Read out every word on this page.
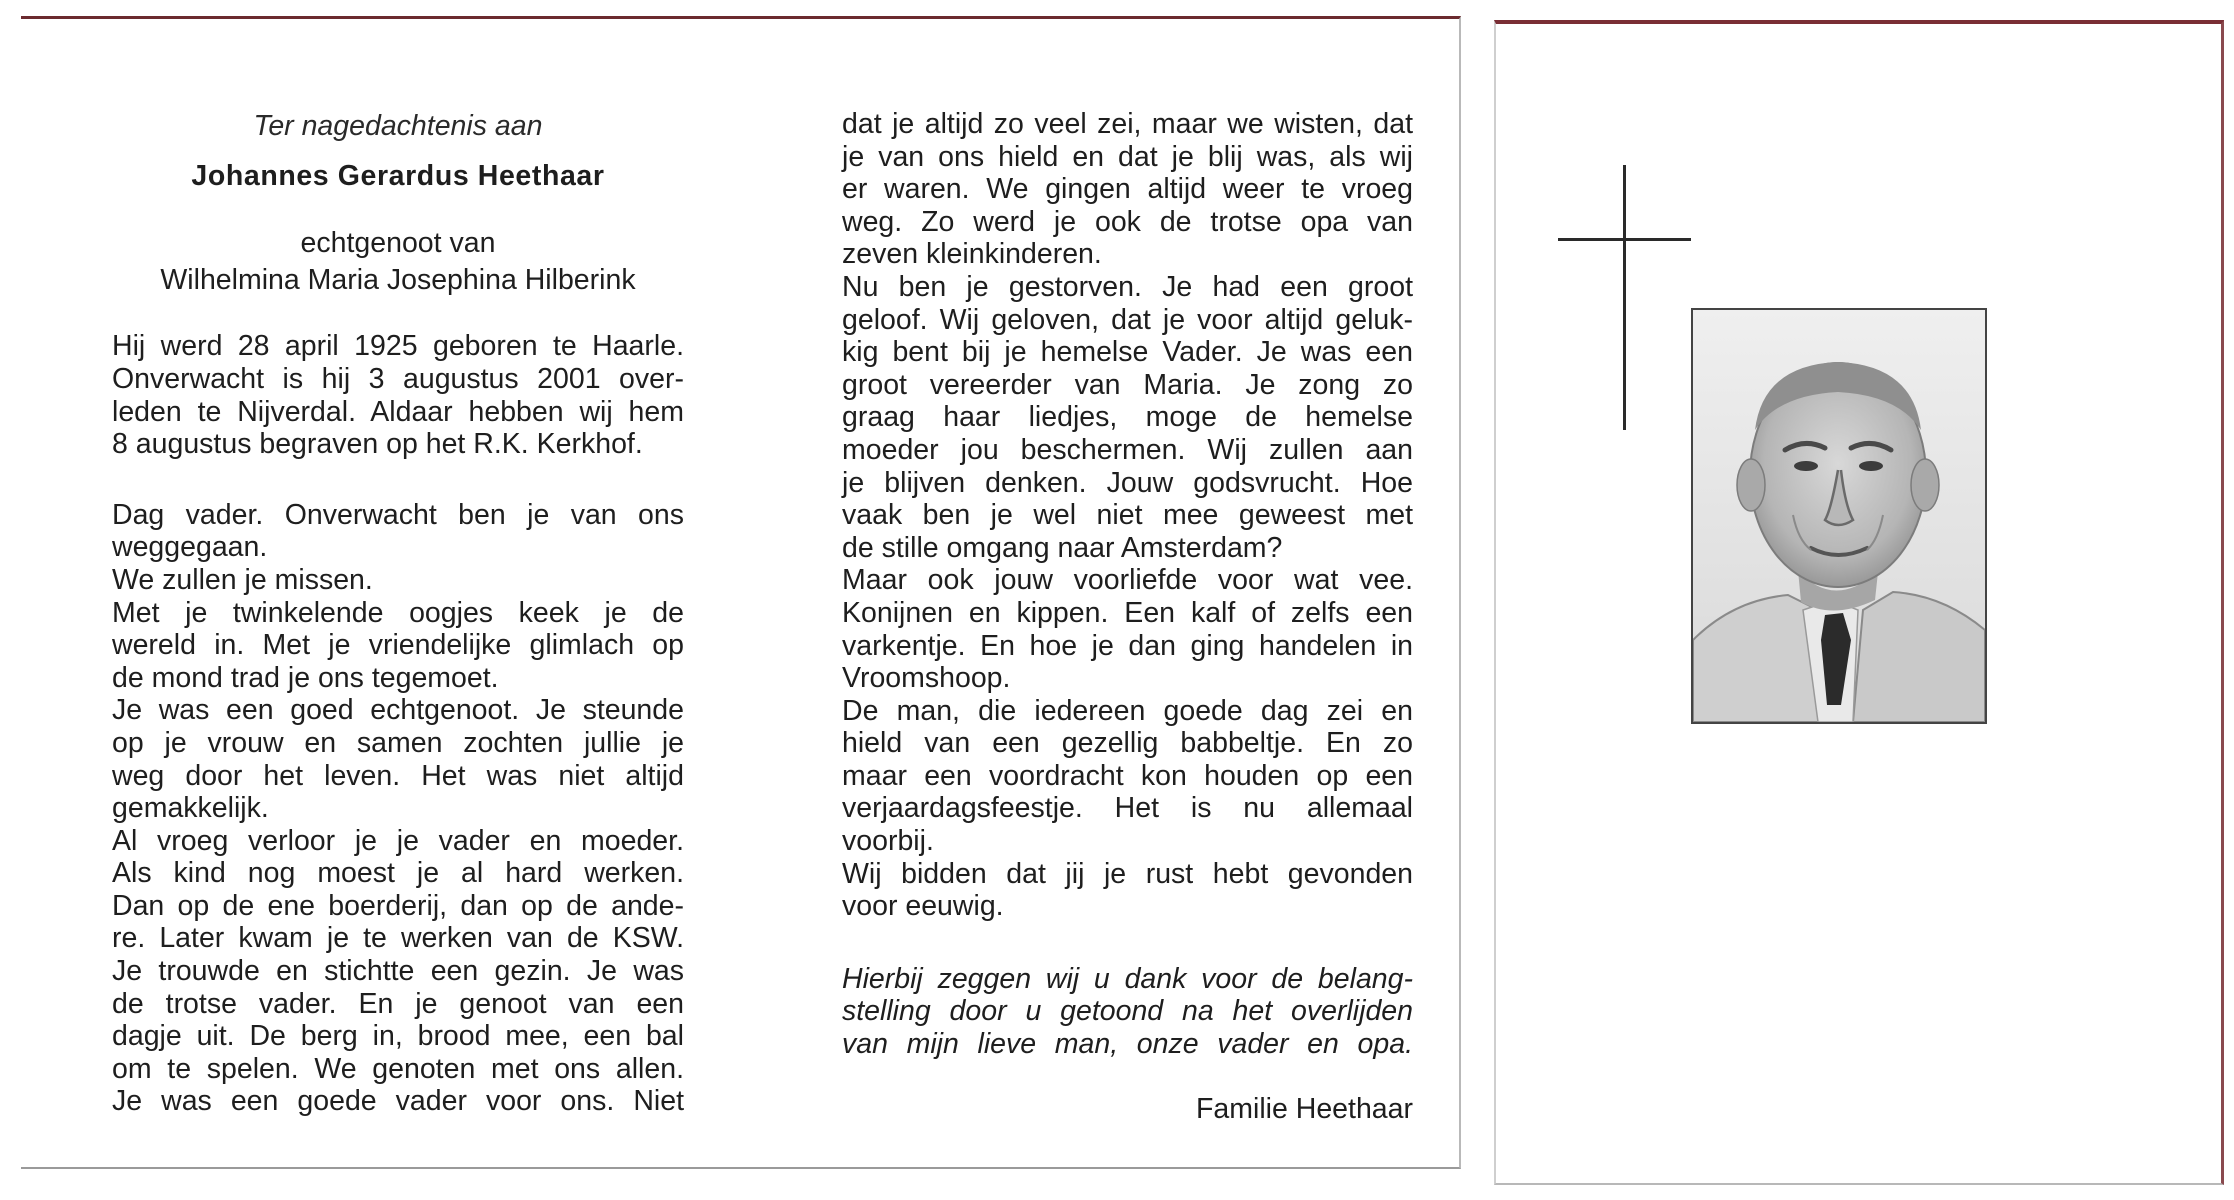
Ter nagedachtenis aan
Johannes Gerardus Heethaar
echtgenoot van
Wilhelmina Maria Josephina Hilberink
Hij werd 28 april 1925 geboren te Haarle.
Onverwacht is hij 3 augustus 2001 over-
leden te Nijverdal. Aldaar hebben wij hem
8 augustus begraven op het R.K. Kerkhof.
Dag vader. Onverwacht ben je van ons
weggegaan.
We zullen je missen.
Met je twinkelende oogjes keek je de
wereld in. Met je vriendelijke glimlach op
de mond trad je ons tegemoet.
Je was een goed echtgenoot. Je steunde
op je vrouw en samen zochten jullie je
weg door het leven. Het was niet altijd
gemakkelijk.
Al vroeg verloor je je vader en moeder.
Als kind nog moest je al hard werken.
Dan op de ene boerderij, dan op de ande-
re. Later kwam je te werken van de KSW.
Je trouwde en stichtte een gezin. Je was
de trotse vader. En je genoot van een
dagje uit. De berg in, brood mee, een bal
om te spelen. We genoten met ons allen.
Je was een goede vader voor ons. Niet
dat je altijd zo veel zei, maar we wisten, dat
je van ons hield en dat je blij was, als wij
er waren. We gingen altijd weer te vroeg
weg. Zo werd je ook de trotse opa van
zeven kleinkinderen.
Nu ben je gestorven. Je had een groot
geloof. Wij geloven, dat je voor altijd geluk-
kig bent bij je hemelse Vader. Je was een
groot vereerder van Maria. Je zong zo
graag haar liedjes, moge de hemelse
moeder jou beschermen. Wij zullen aan
je blijven denken. Jouw godsvrucht. Hoe
vaak ben je wel niet mee geweest met
de stille omgang naar Amsterdam?
Maar ook jouw voorliefde voor wat vee.
Konijnen en kippen. Een kalf of zelfs een
varkentje. En hoe je dan ging handelen in
Vroomshoop.
De man, die iedereen goede dag zei en
hield van een gezellig babbeltje. En zo
maar een voordracht kon houden op een
verjaardagsfeestje. Het is nu allemaal
voorbij.
Wij bidden dat jij je rust hebt gevonden
voor eeuwig.
Hierbij zeggen wij u dank voor de belang-
stelling door u getoond na het overlijden
van mijn lieve man, onze vader en opa.
Familie Heethaar
